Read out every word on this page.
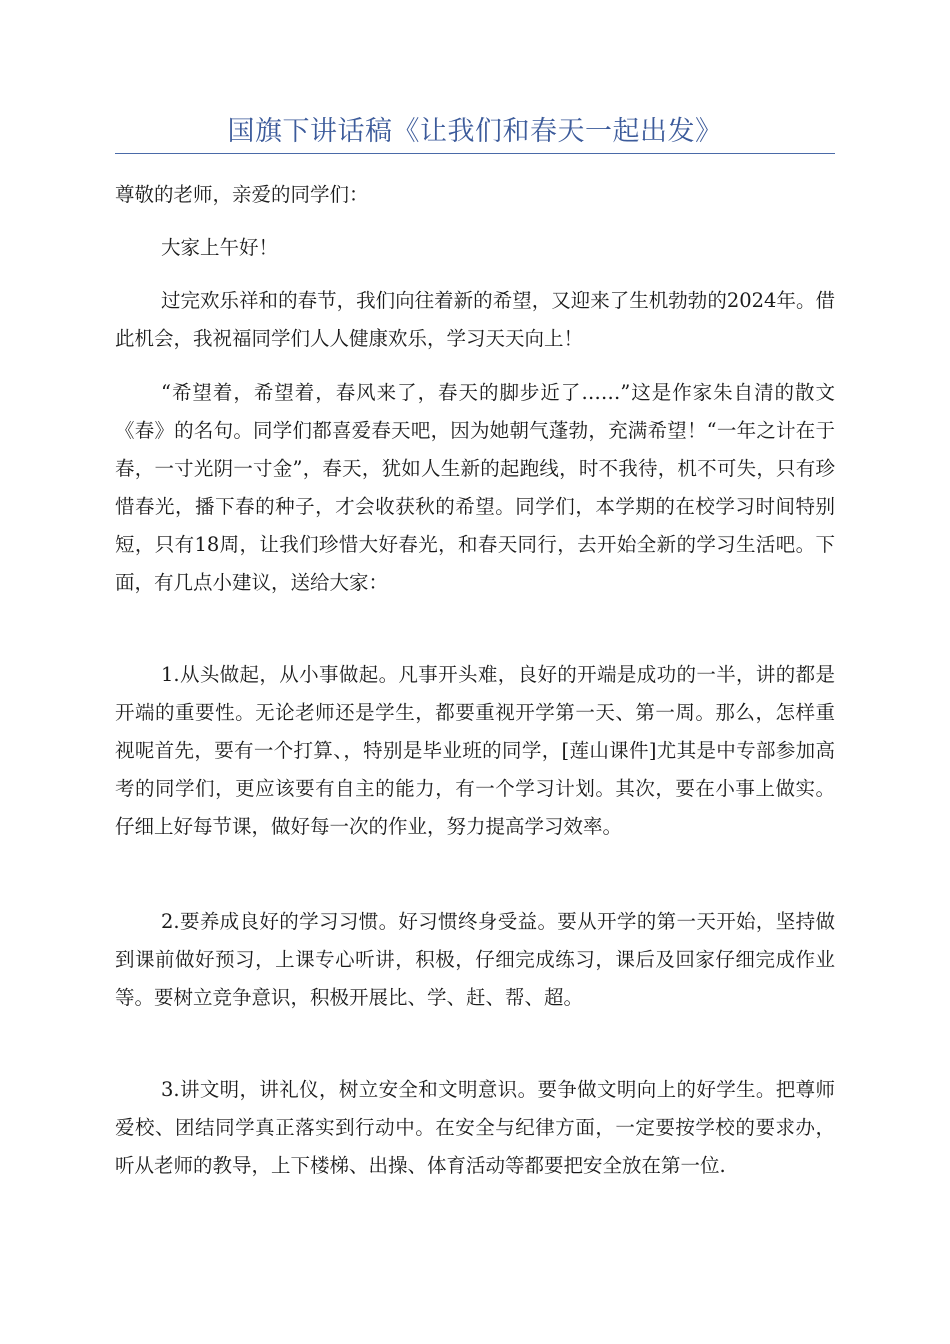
国旗下讲话稿《让我们和春天一起出发》
尊敬的老师，亲爱的同学们：
大家上午好！
过完欢乐祥和的春节，我们向往着新的希望，又迎来了生机勃勃的2024年。借此机会，我祝福同学们人人健康欢乐，学习天天向上！
“希望着，希望着，春风来了，春天的脚步近了……”这是作家朱自清的散文《春》的名句。同学们都喜爱春天吧，因为她朝气蓬勃，充满希望！“一年之计在于春，一寸光阴一寸金”，春天，犹如人生新的起跑线，时不我待，机不可失，只有珍惜春光，播下春的种子，才会收获秋的希望。同学们，本学期的在校学习时间特别短，只有18周，让我们珍惜大好春光，和春天同行，去开始全新的学习生活吧。下面，有几点小建议，送给大家：
1.从头做起，从小事做起。凡事开头难，良好的开端是成功的一半，讲的都是开端的重要性。无论老师还是学生，都要重视开学第一天、第一周。那么，怎样重视呢首先，要有一个打算、，特别是毕业班的同学，[莲山课件]尤其是中专部参加高考的同学们，更应该要有自主的能力，有一个学习计划。其次，要在小事上做实。仔细上好每节课，做好每一次的作业，努力提高学习效率。
2.要养成良好的学习习惯。好习惯终身受益。要从开学的第一天开始，坚持做到课前做好预习，上课专心听讲，积极，仔细完成练习，课后及回家仔细完成作业等。要树立竞争意识，积极开展比、学、赶、帮、超。
3.讲文明，讲礼仪，树立安全和文明意识。要争做文明向上的好学生。把尊师爱校、团结同学真正落实到行动中。在安全与纪律方面，一定要按学校的要求办，听从老师的教导，上下楼梯、出操、体育活动等都要把安全放在第一位.
